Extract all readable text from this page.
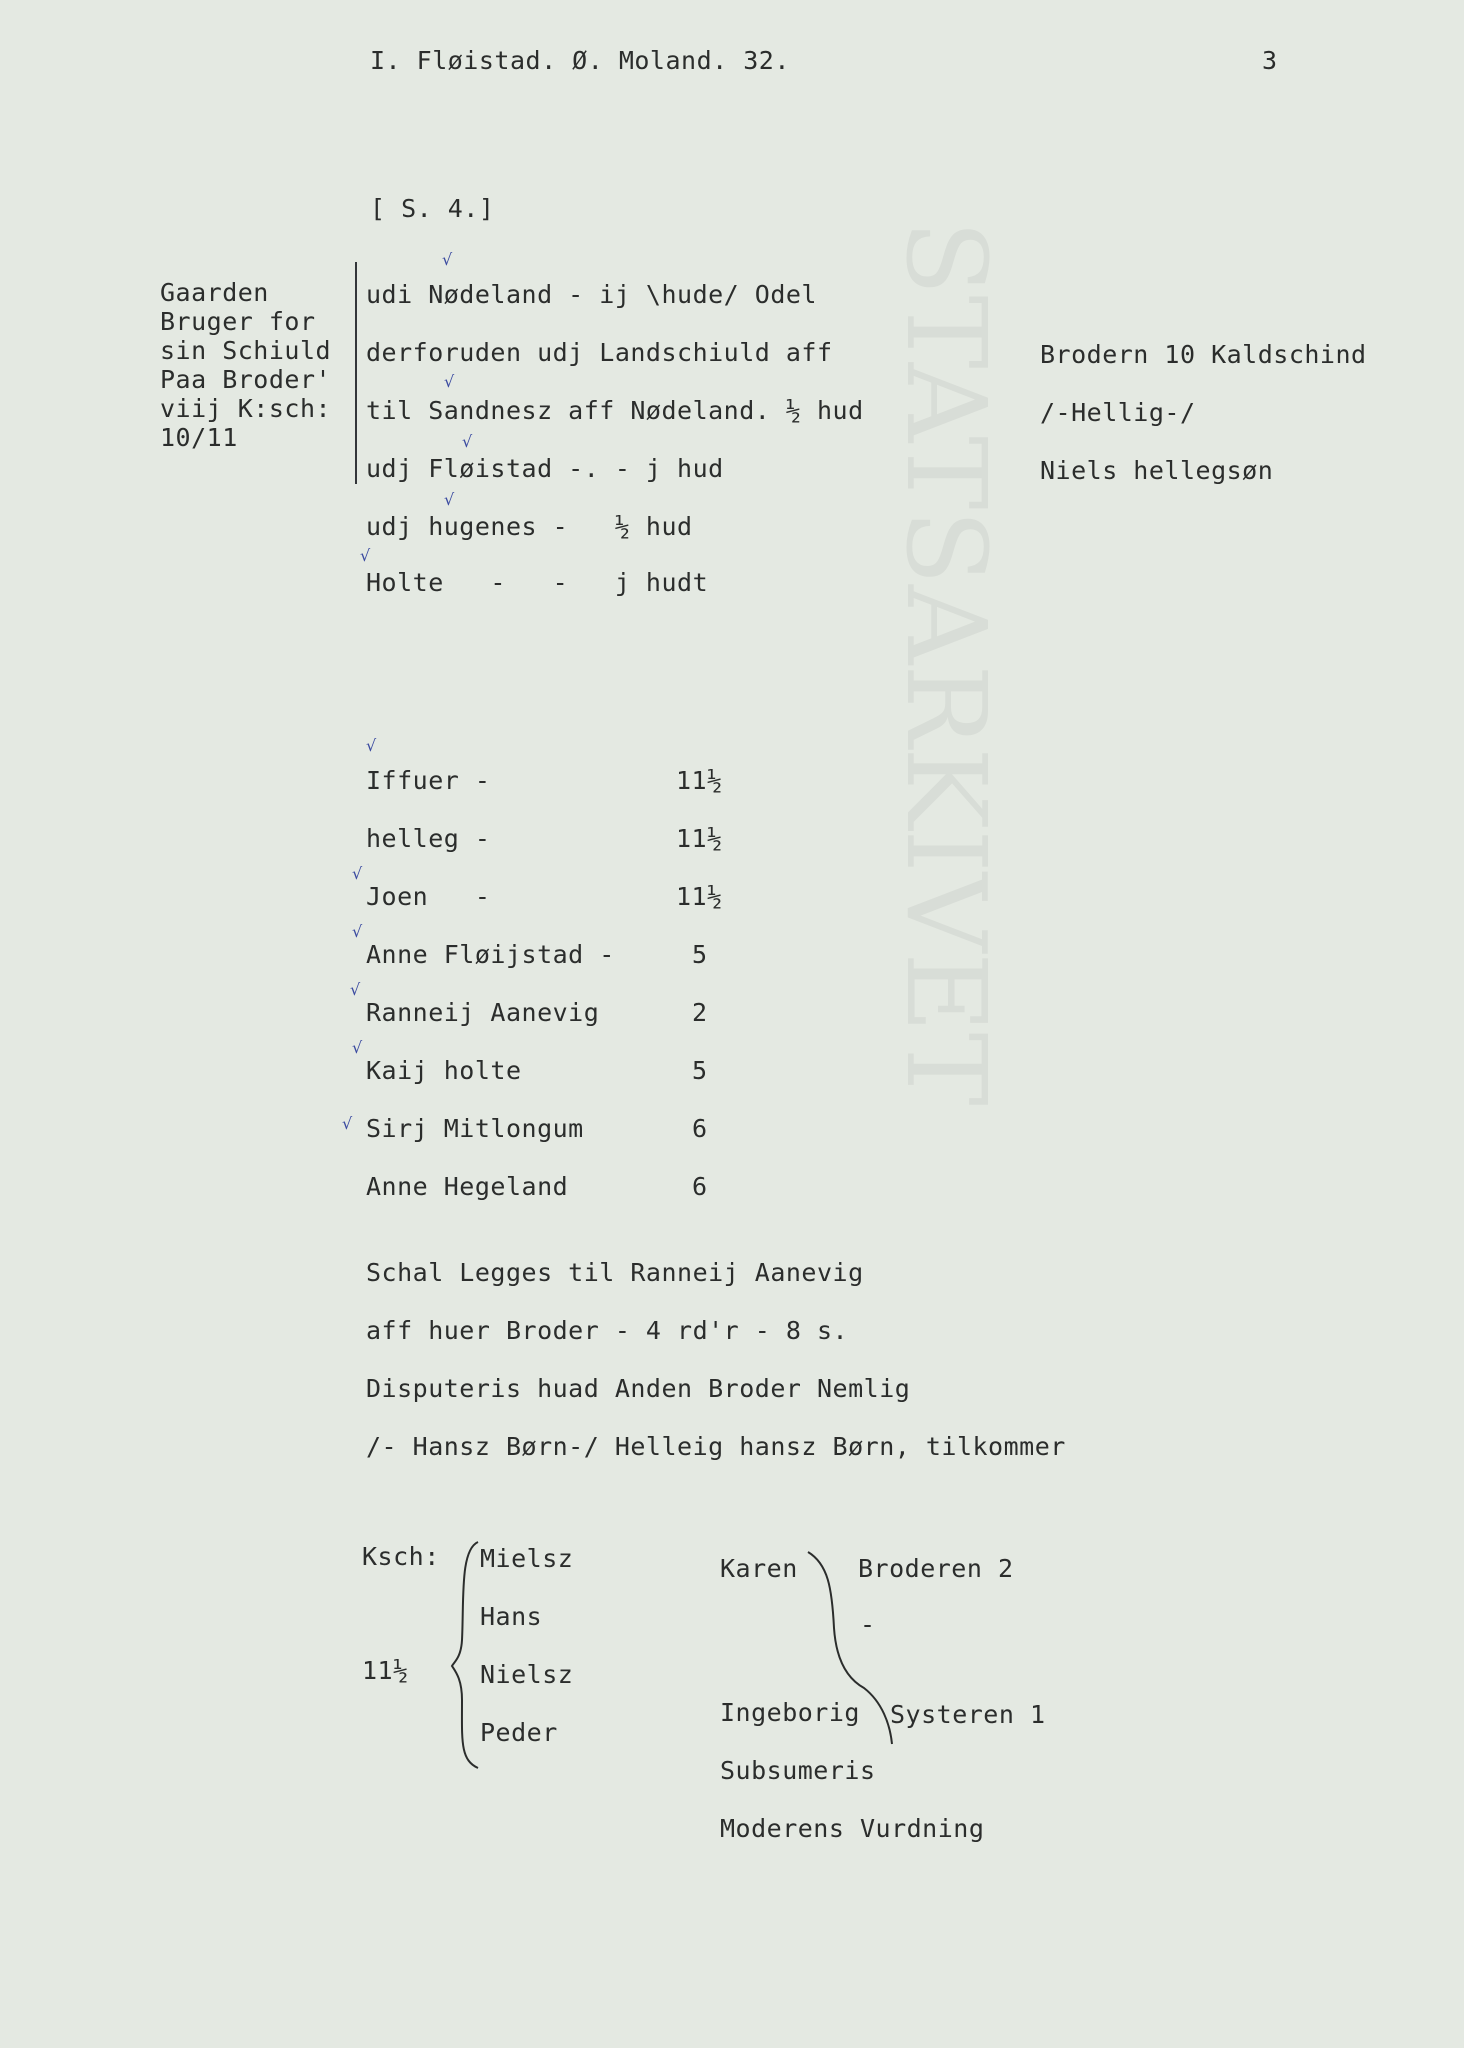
STATSARKIVET
I. Fløistad. Ø. Moland. 32.	3
[ S. 4.]
Gaarden
Bruger for
sin Schiuld
Paa Broder'
viij K:sch:
10/11
√
udi Nødeland - ij \hude/ Odel
derforuden udj Landschiuld aff
√
til Sandnesz aff Nødeland. ½ hud
√
udj Fløistad -. - j hud
√
udj hugenes -   ½ hud
√
Holte   -   -   j hudt
Brodern 10 Kaldschind
/-Hellig-/
Niels hellegsøn
√
Iffuer -	11½
helleg -	11½
√
Joen   -	11½
√
Anne Fløijstad -	5
√
Ranneij Aanevig	2
√
Kaij holte	5
√ Sirj Mitlongum	6
Anne Hegeland	6
Schal Legges til Ranneij Aanevig
aff huer Broder - 4 rd'r - 8 s.
Disputeris huad Anden Broder Nemlig
/- Hansz Børn-/ Helleig hansz Børn, tilkommer
Ksch:
11½
Mielsz
Hans
Nielsz
Peder
Karen Broderen 2
-
Ingeborig Systeren 1
Subsumeris
Moderens Vurdning
